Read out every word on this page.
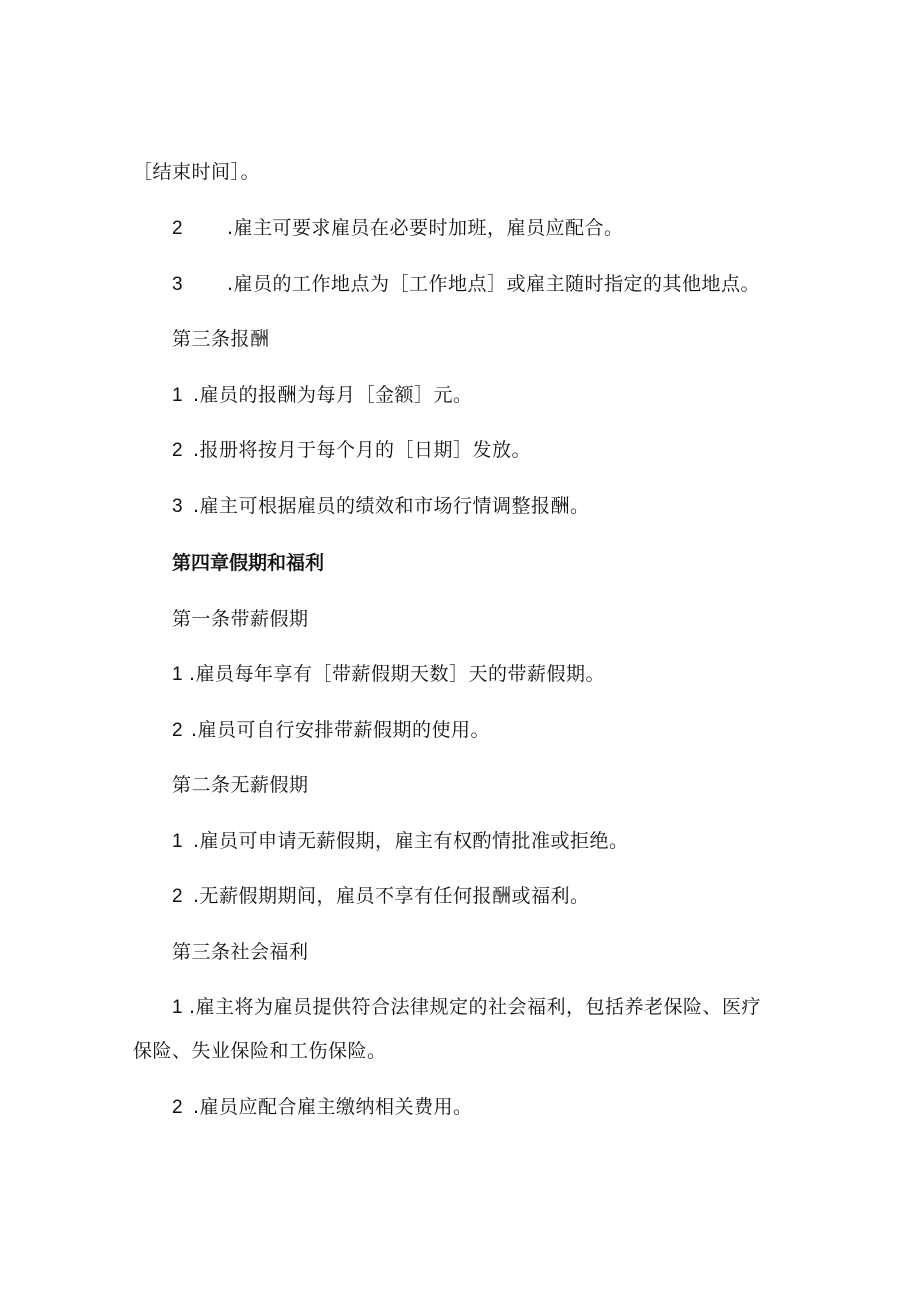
［结束时间］。
2 .雇主可要求雇员在必要时加班，雇员应配合。
3 .雇员的工作地点为［工作地点］或雇主随时指定的其他地点。
第三条报酬
1 .雇员的报酬为每月［金额］元。
2 .报册将按月于每个月的［日期］发放。
3 .雇主可根据雇员的绩效和市场行情调整报酬。
第四章假期和福利
第一条带薪假期
1 .雇员每年享有［带薪假期天数］天的带薪假期。
2 .雇员可自行安排带薪假期的使用。
第二条无薪假期
1 .雇员可申请无薪假期，雇主有权酌情批准或拒绝。
2 .无薪假期期间，雇员不享有任何报酬或福利。
第三条社会福利
1 .雇主将为雇员提供符合法律规定的社会福利，包括养老保险、医疗
保险、失业保险和工伤保险。
2 .雇员应配合雇主缴纳相关费用。
